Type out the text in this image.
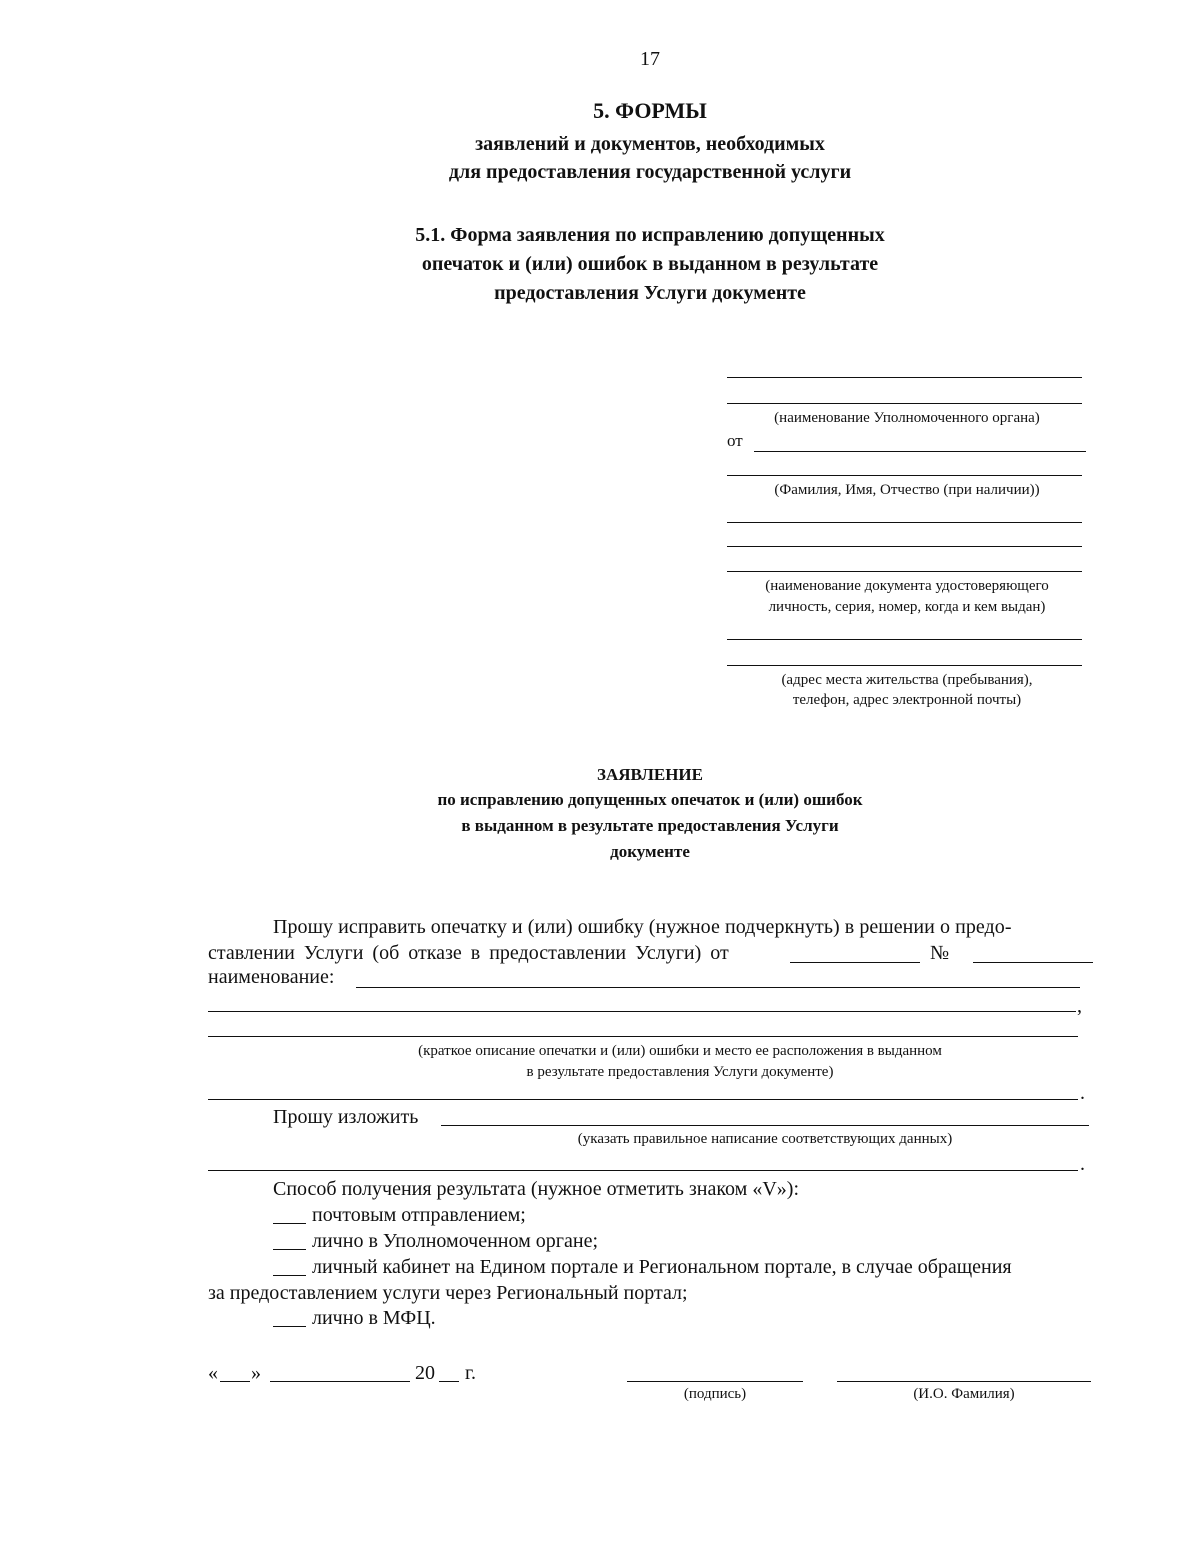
17
5. ФОРМЫ
заявлений и документов, необходимых
для предоставления государственной услуги
5.1. Форма заявления по исправлению допущенных
опечаток и (или) ошибок в выданном в результате
предоставления Услуги документе
(наименование Уполномоченного органа)
от
(Фамилия, Имя, Отчество (при наличии))
(наименование документа удостоверяющего
личность, серия, номер, когда и кем выдан)
(адрес места жительства (пребывания),
телефон, адрес электронной почты)
ЗАЯВЛЕНИЕ
по исправлению допущенных опечаток и (или) ошибок
в выданном в результате предоставления Услуги
документе
Прошу исправить опечатку и (или) ошибку (нужное подчеркнуть) в решении о предо-
ставлении Услуги (об отказе в предоставлении Услуги) от	№
наименование:
,
(краткое описание опечатки и (или) ошибки и место ее расположения в выданном
в результате предоставления Услуги документе)
.
Прошу изложить
(указать правильное написание соответствующих данных)
.
Способ получения результата (нужное отметить знаком «V»):
почтовым отправлением;
лично в Уполномоченном органе;
личный кабинет на Едином портале и Региональном портале, в случае обращения
за предоставлением услуги через Региональный портал;
лично в МФЦ.
« »	20 г.
(подпись)	(И.О. Фамилия)
